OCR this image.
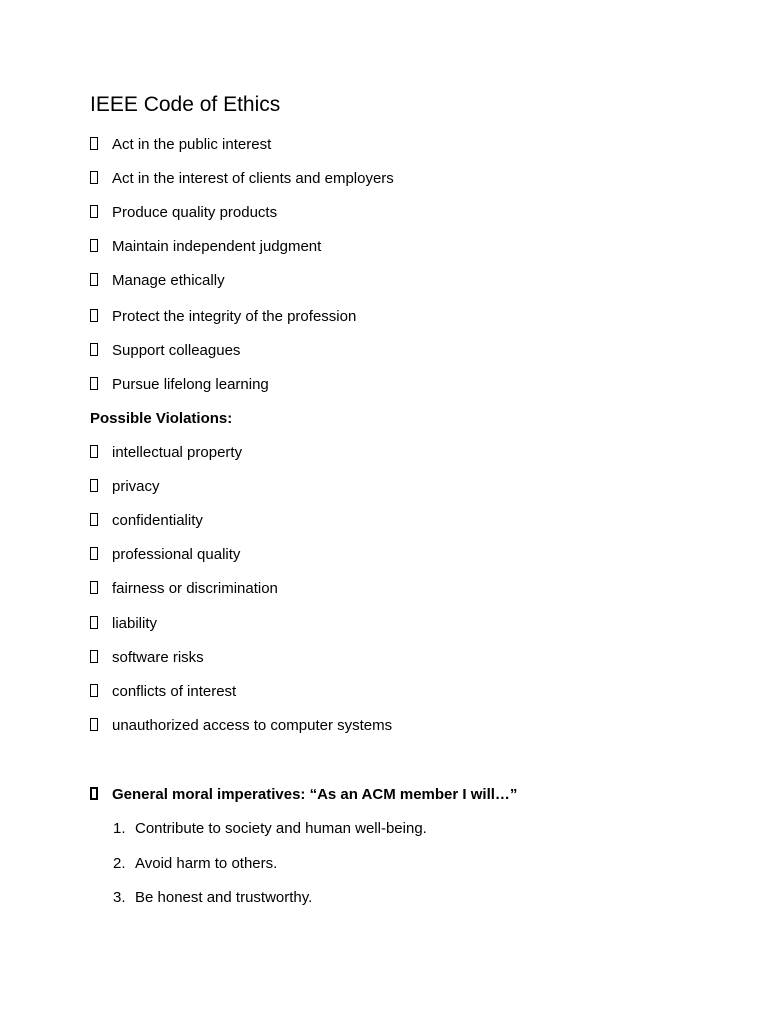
IEEE Code of Ethics
Act in the public interest
Act in the interest of clients and employers
Produce quality products
Maintain independent judgment
Manage ethically
Protect the integrity of the profession
Support colleagues
Pursue lifelong learning
Possible Violations:
intellectual property
privacy
confidentiality
professional quality
fairness or discrimination
liability
software risks
conflicts of interest
unauthorized access to computer systems
General moral imperatives: “As an ACM member I will…”
1. Contribute to society and human well-being.
2. Avoid harm to others.
3. Be honest and trustworthy.
